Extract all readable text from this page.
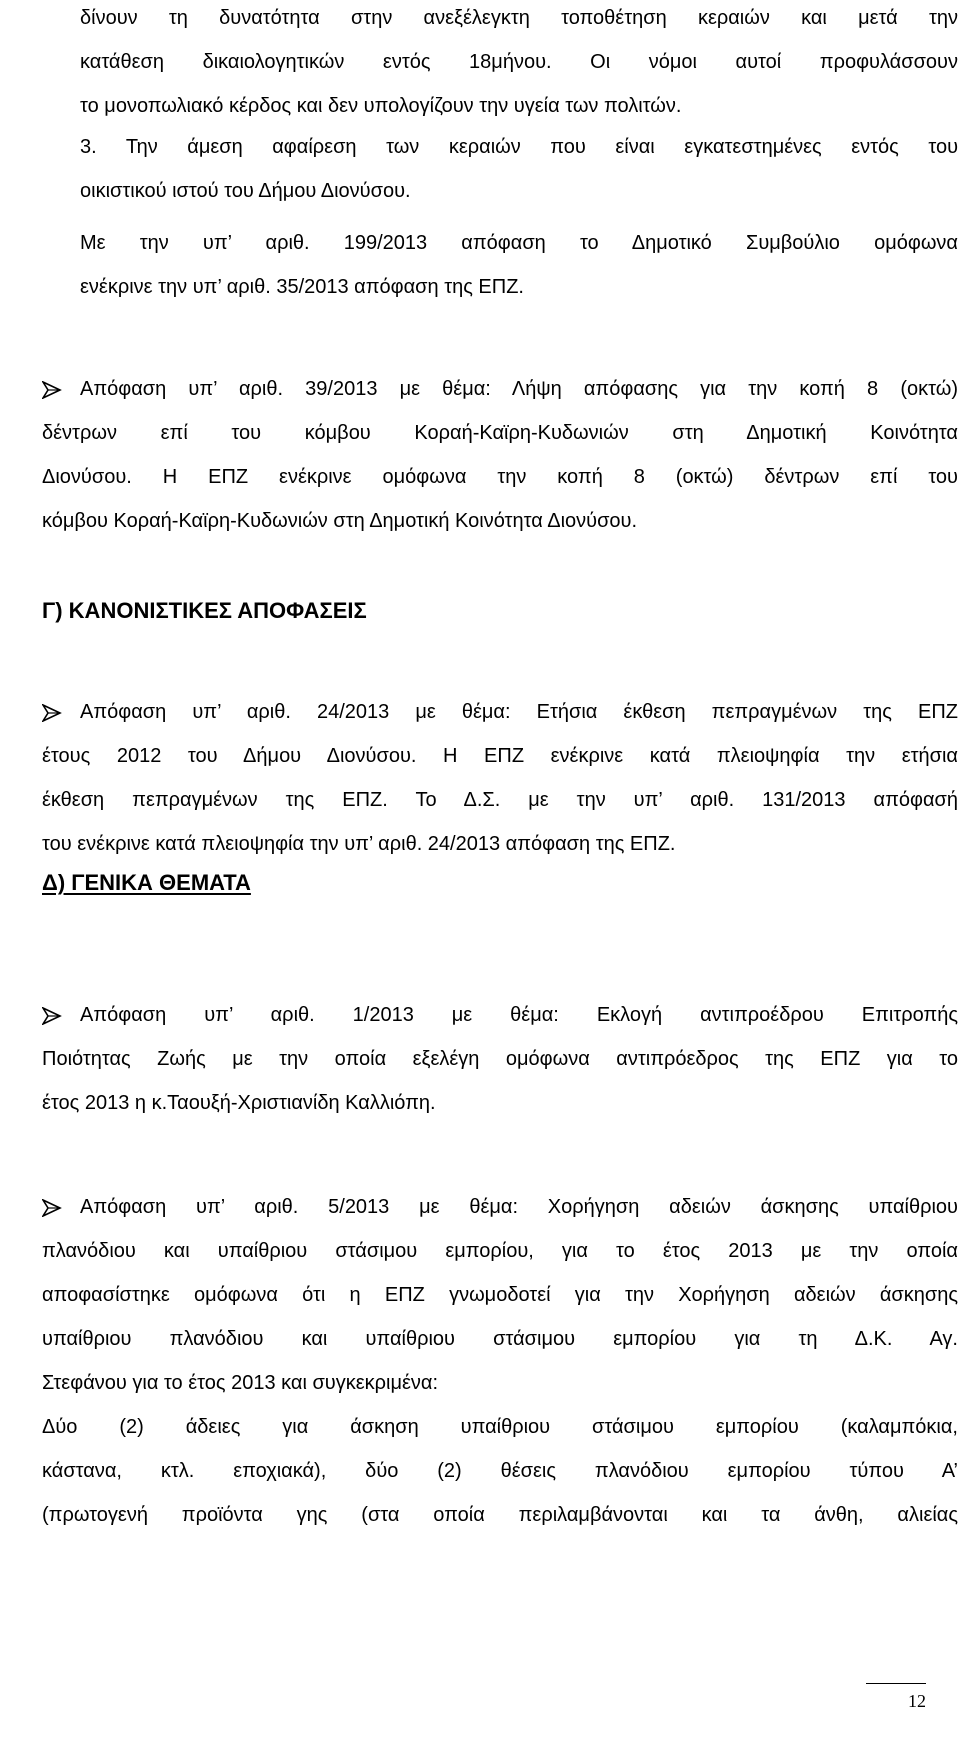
δίνουν τη δυνατότητα στην ανεξέλεγκτη τοποθέτηση κεραιών και μετά την
κατάθεση δικαιολογητικών εντός 18μήνου. Οι νόμοι αυτοί προφυλάσσουν
το μονοπωλιακό κέρδος και δεν υπολογίζουν την υγεία των πολιτών.
3. Την άμεση αφαίρεση των κεραιών που είναι εγκατεστημένες εντός του
οικιστικού ιστού του Δήμου Διονύσου.
Με την υπ’ αριθ. 199/2013 απόφαση το Δημοτικό Συμβούλιο ομόφωνα
ενέκρινε την υπ’ αριθ. 35/2013 απόφαση της ΕΠΖ.
Απόφαση υπ’ αριθ. 39/2013 με θέμα: Λήψη απόφασης για την κοπή 8 (οκτώ)
δέντρων επί του κόμβου Κοραή-Καϊρη-Κυδωνιών στη Δημοτική Κοινότητα
Διονύσου. Η ΕΠΖ ενέκρινε ομόφωνα την κοπή 8 (οκτώ) δέντρων επί του
κόμβου Κοραή-Καϊρη-Κυδωνιών στη Δημοτική Κοινότητα Διονύσου.
Γ) ΚΑΝΟΝΙΣΤΙΚΕΣ ΑΠΟΦΑΣΕΙΣ
Απόφαση υπ’ αριθ. 24/2013 με θέμα: Ετήσια έκθεση πεπραγμένων της ΕΠΖ
έτους 2012 του Δήμου Διονύσου. Η ΕΠΖ ενέκρινε κατά πλειοψηφία την ετήσια
έκθεση πεπραγμένων της ΕΠΖ. Το Δ.Σ. με την υπ’ αριθ. 131/2013 απόφασή
του ενέκρινε κατά πλειοψηφία την υπ’ αριθ. 24/2013 απόφαση της ΕΠΖ.
Δ) ΓΕΝΙΚΑ ΘΕΜΑΤΑ
Απόφαση υπ’ αριθ. 1/2013 με θέμα: Εκλογή αντιπροέδρου Επιτροπής
Ποιότητας Ζωής με την οποία εξελέγη ομόφωνα αντιπρόεδρος της ΕΠΖ για το
έτος 2013 η κ.Ταουξή-Χριστιανίδη Καλλιόπη.
Απόφαση υπ’ αριθ. 5/2013 με θέμα: Χορήγηση αδειών άσκησης υπαίθριου
πλανόδιου και υπαίθριου στάσιμου εμπορίου, για το έτος 2013 με την οποία
αποφασίστηκε ομόφωνα ότι η ΕΠΖ γνωμοδοτεί για την Χορήγηση αδειών άσκησης
υπαίθριου πλανόδιου και υπαίθριου στάσιμου εμπορίου για τη Δ.Κ. Αγ.
Στεφάνου για το έτος 2013 και συγκεκριμένα:
Δύο (2) άδειες για άσκηση υπαίθριου στάσιμου εμπορίου (καλαμπόκια,
κάστανα, κτλ. εποχιακά), δύο (2) θέσεις πλανόδιου εμπορίου τύπου Α’
(πρωτογενή προϊόντα γης (στα οποία περιλαμβάνονται και τα άνθη, αλιείας
12
